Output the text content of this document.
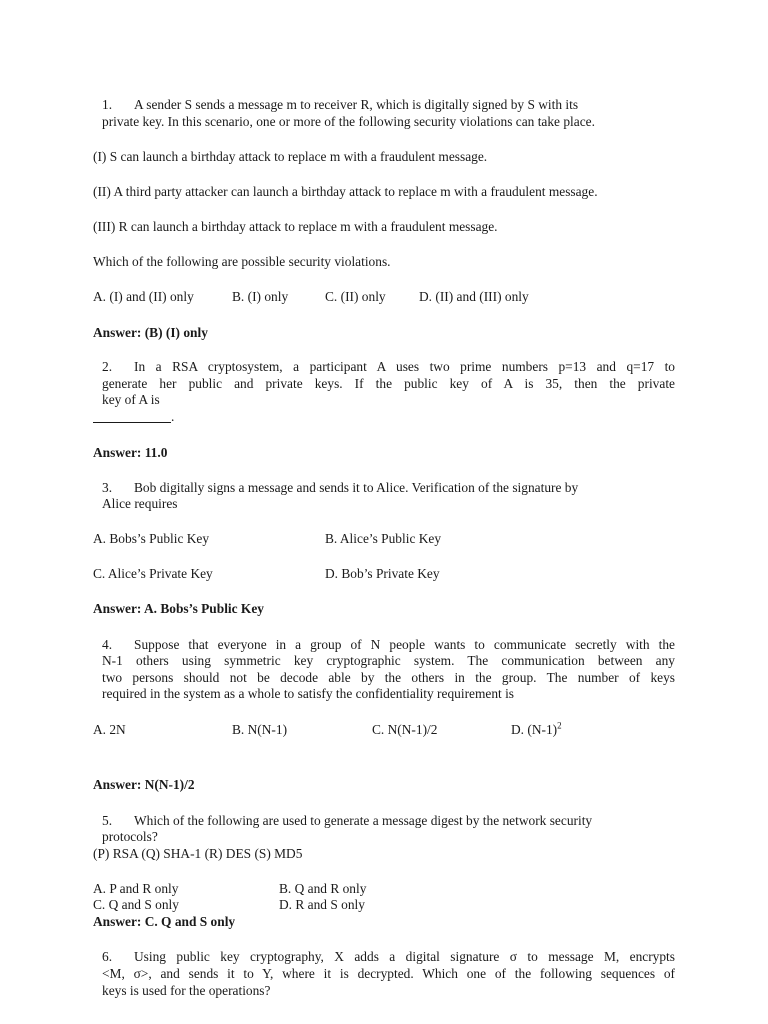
1. A sender S sends a message m to receiver R, which is digitally signed by S with its
private key. In this scenario, one or more of the following security violations can take place.
(I) S can launch a birthday attack to replace m with a fraudulent message.
(II) A third party attacker can launch a birthday attack to replace m with a fraudulent message.
(III) R can launch a birthday attack to replace m with a fraudulent message.
Which of the following are possible security violations.
A. (I) and (II) only	B. (I) only	C. (II) only D. (II) and (III) only
Answer: (B) (I) only
2. In a RSA cryptosystem, a participant A uses two prime numbers p=13 and q=17 to
generate her public and private keys. If the public key of A is 35, then the private
key of A is
.
Answer: 11.0
3. Bob digitally signs a message and sends it to Alice. Verification of the signature by
Alice requires
A. Bobs’s Public Key	B. Alice’s Public Key
C. Alice’s Private Key	D. Bob’s Private Key
Answer: A. Bobs’s Public Key
4. Suppose that everyone in a group of N people wants to communicate secretly with the
N-1 others using symmetric key cryptographic system. The communication between any
two persons should not be decode able by the others in the group. The number of keys
required in the system as a whole to satisfy the confidentiality requirement is
A. 2N	B. N(N-1)	C. N(N-1)/2	D. $(N-1)^2$
Answer: N(N-1)/2
5. Which of the following are used to generate a message digest by the network security
protocols?
(P) RSA (Q) SHA-1 (R) DES (S) MD5
A. P and R only	B. Q and R only
C. Q and S only	D. R and S only
Answer: C. Q and S only
6. Using public key cryptography, X adds a digital signature σ to message M, encrypts
<M, σ>, and sends it to Y, where it is decrypted. Which one of the following sequences of
keys is used for the operations?
